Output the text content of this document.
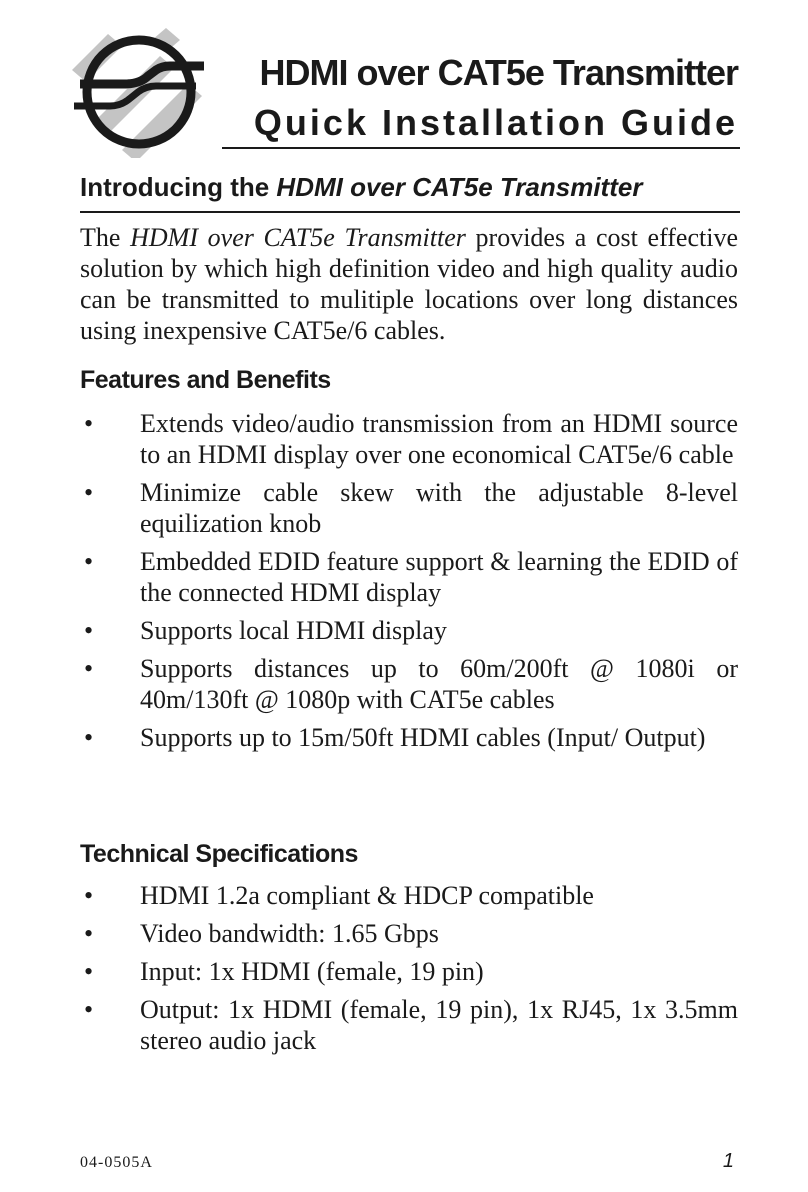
HDMI over CAT5e Transmitter
Quick Installation Guide
Introducing the HDMI over CAT5e Transmitter
The HDMI over CAT5e Transmitter provides a cost effective solution by which high definition video and high quality audio can be transmitted to mulitiple locations over long distances using inexpensive CAT5e/6 cables.
Features and Benefits
• Extends video/audio transmission from an HDMI source to an HDMI display over one economical CAT5e/6 cable
• Minimize cable skew with the adjustable 8-level equilization knob
• Embedded EDID feature support & learning the EDID of the connected HDMI display
• Supports local HDMI display
• Supports distances up to 60m/200ft @ 1080i or 40m/130ft @ 1080p with CAT5e cables
• Supports up to 15m/50ft HDMI cables (Input/ Output)
Technical Specifications
• HDMI 1.2a compliant & HDCP compatible
• Video bandwidth: 1.65 Gbps
• Input: 1x HDMI (female, 19 pin)
• Output: 1x HDMI (female, 19 pin), 1x RJ45, 1x 3.5mm stereo audio jack
04-0505A	1
